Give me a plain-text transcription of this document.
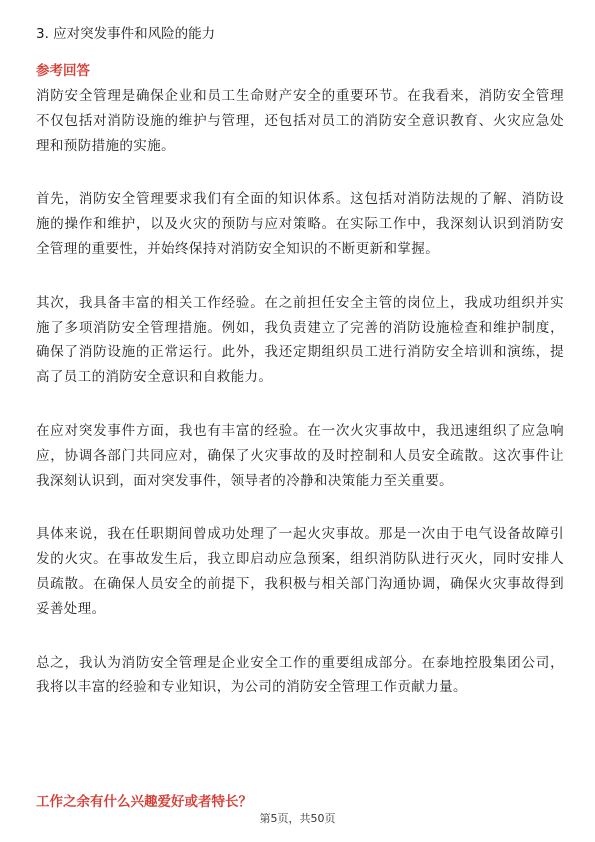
3. 应对突发事件和风险的能力
参考回答

消防安全管理是确保企业和员工生命财产安全的重要环节。在我看来，消防安全管理不仅包括对消防设施的维护与管理，还包括对员工的消防安全意识教育、火灾应急处理和预防措施的实施。

首先，消防安全管理要求我们有全面的知识体系。这包括对消防法规的了解、消防设施的操作和维护，以及火灾的预防与应对策略。在实际工作中，我深刻认识到消防安全管理的重要性，并始终保持对消防安全知识的不断更新和掌握。

其次，我具备丰富的相关工作经验。在之前担任安全主管的岗位上，我成功组织并实施了多项消防安全管理措施。例如，我负责建立了完善的消防设施检查和维护制度，确保了消防设施的正常运行。此外，我还定期组织员工进行消防安全培训和演练，提高了员工的消防安全意识和自救能力。

在应对突发事件方面，我也有丰富的经验。在一次火灾事故中，我迅速组织了应急响应，协调各部门共同应对，确保了火灾事故的及时控制和人员安全疏散。这次事件让我深刻认识到，面对突发事件，领导者的冷静和决策能力至关重要。

具体来说，我在任职期间曾成功处理了一起火灾事故。那是一次由于电气设备故障引发的火灾。在事故发生后，我立即启动应急预案，组织消防队进行灭火，同时安排人员疏散。在确保人员安全的前提下，我积极与相关部门沟通协调，确保火灾事故得到妥善处理。

总之，我认为消防安全管理是企业安全工作的重要组成部分。在泰地控股集团公司，我将以丰富的经验和专业知识，为公司的消防安全管理工作贡献力量。

工作之余有什么兴趣爱好或者特长？
第5页，共50页
